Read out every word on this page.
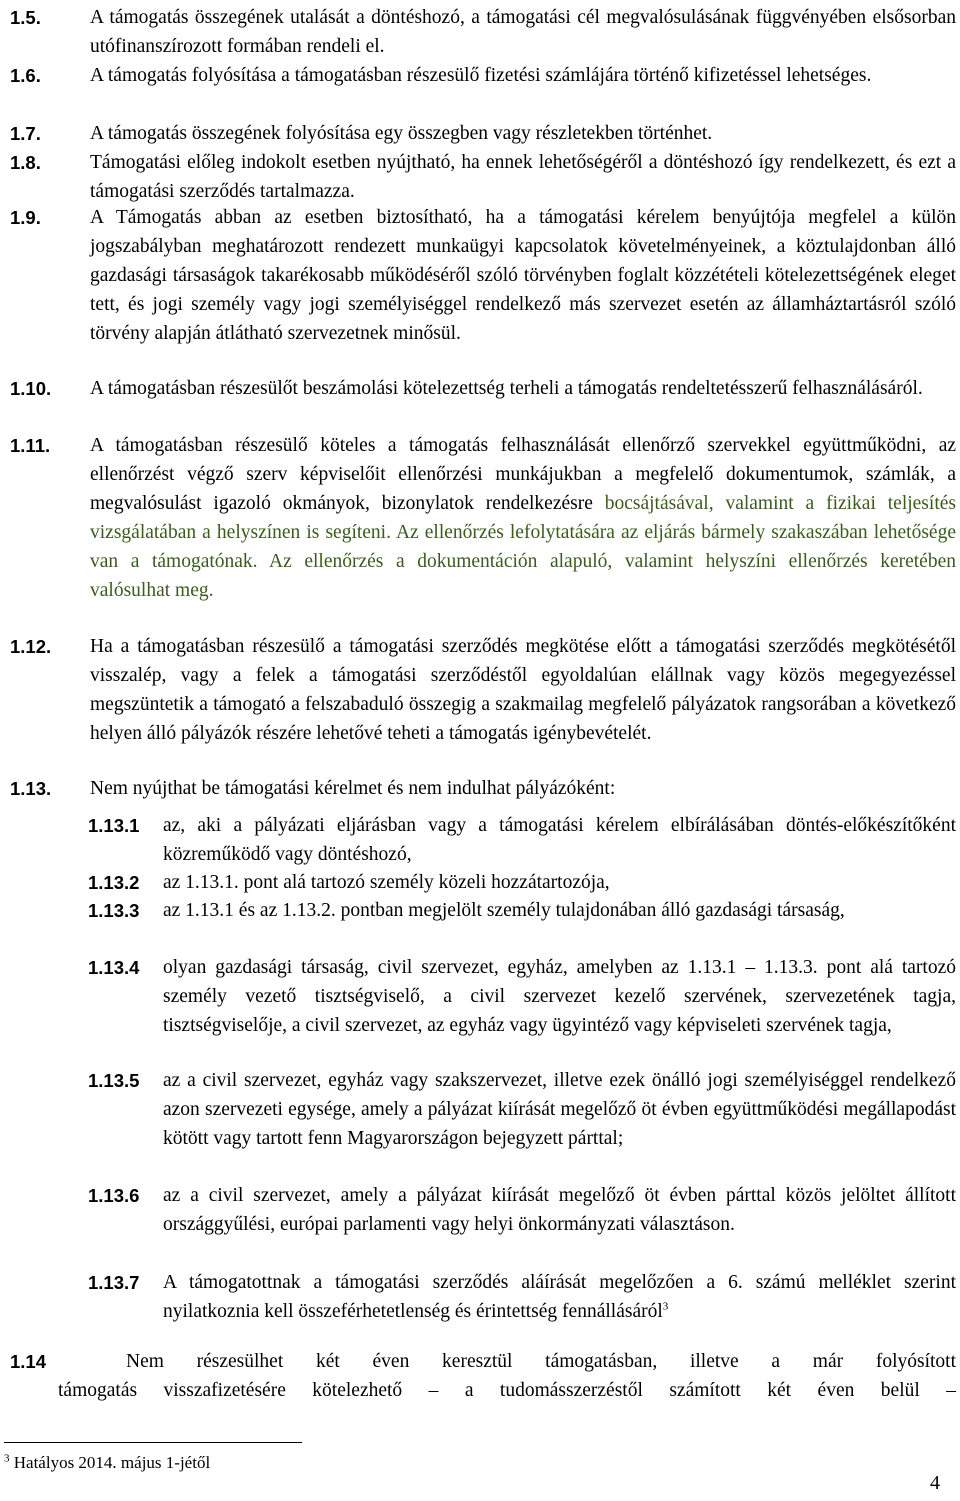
1.5.	A támogatás összegének utalását a döntéshozó, a támogatási cél megvalósulásának függvényében elsősorban utófinanszírozott formában rendeli el.
1.6.	A támogatás folyósítása a támogatásban részesülő fizetési számlájára történő kifizetéssel lehetséges.
1.7.	A támogatás összegének folyósítása egy összegben vagy részletekben történhet.
1.8.	Támogatási előleg indokolt esetben nyújtható, ha ennek lehetőségéről a döntéshozó így rendelkezett, és ezt a támogatási szerződés tartalmazza.
1.9.	A Támogatás abban az esetben biztosítható, ha a támogatási kérelem benyújtója megfelel a külön jogszabályban meghatározott rendezett munkaügyi kapcsolatok követelményeinek, a köztulajdonban álló gazdasági társaságok takarékosabb működéséről szóló törvényben foglalt közzétételi kötelezettségének eleget tett, és jogi személy vagy jogi személyiséggel rendelkező más szervezet esetén az államháztartásról szóló törvény alapján átlátható szervezetnek minősül.
1.10. A támogatásban részesülőt beszámolási kötelezettség terheli a támogatás rendeltetésszerű felhasználásáról.
1.11. A támogatásban részesülő köteles a támogatás felhasználását ellenőrző szervekkel együttműködni, az ellenőrzést végző szerv képviselőit ellenőrzési munkájukban a megfelelő dokumentumok, számlák, a megvalósulást igazoló okmányok, bizonylatok rendelkezésre bocsájtásával, valamint a fizikai teljesítés vizsgálatában a helyszínen is segíteni. Az ellenőrzés lefolytatására az eljárás bármely szakaszában lehetősége van a támogatónak. Az ellenőrzés a dokumentáción alapuló, valamint helyszíni ellenőrzés keretében valósulhat meg.
1.12. Ha a támogatásban részesülő a támogatási szerződés megkötése előtt a támogatási szerződés megkötésétől visszalép, vagy a felek a támogatási szerződéstől egyoldalúan elállnak vagy közös megegyezéssel megszüntetik a támogató a felszabaduló összegig a szakmailag megfelelő pályázatok rangsorában a következő helyen álló pályázók részére lehetővé teheti a támogatás igénybevételét.
1.13. Nem nyújthat be támogatási kérelmet és nem indulhat pályázóként:
1.13.1 az, aki a pályázati eljárásban vagy a támogatási kérelem elbírálásában döntés-előkészítőként közreműködő vagy döntéshozó,
1.13.2 az 1.13.1. pont alá tartozó személy közeli hozzátartozója,
1.13.3 az 1.13.1 és az 1.13.2. pontban megjelölt személy tulajdonában álló gazdasági társaság,
1.13.4 olyan gazdasági társaság, civil szervezet, egyház, amelyben az 1.13.1 – 1.13.3. pont alá tartozó személy vezető tisztségviselő, a civil szervezet kezelő szervének, szervezetének tagja, tisztségviselője, a civil szervezet, az egyház vagy ügyintéző vagy képviseleti szervének tagja,
1.13.5 az a civil szervezet, egyház vagy szakszervezet, illetve ezek önálló jogi személyiséggel rendelkező azon szervezeti egysége, amely a pályázat kiírását megelőző öt évben együttműködési megállapodást kötött vagy tartott fenn Magyarországon bejegyzett párttal;
1.13.6 az a civil szervezet, amely a pályázat kiírását megelőző öt évben párttal közös jelöltet állított országgyűlési, európai parlamenti vagy helyi önkormányzati választáson.
1.13.7 A támogatottnak a támogatási szerződés aláírását megelőzően a 6. számú melléklet szerint nyilatkoznia kell összeférhetetlenség és érintettség fennállásáról$^3$
1.14	Nem részesülhet két éven keresztül támogatásban, illetve a már folyósított
támogatás visszafizetésére kötelezhető – a tudomásszerzéstől számított két éven belül –
$^3$ Hatályos 2014. május 1-jétől
4
